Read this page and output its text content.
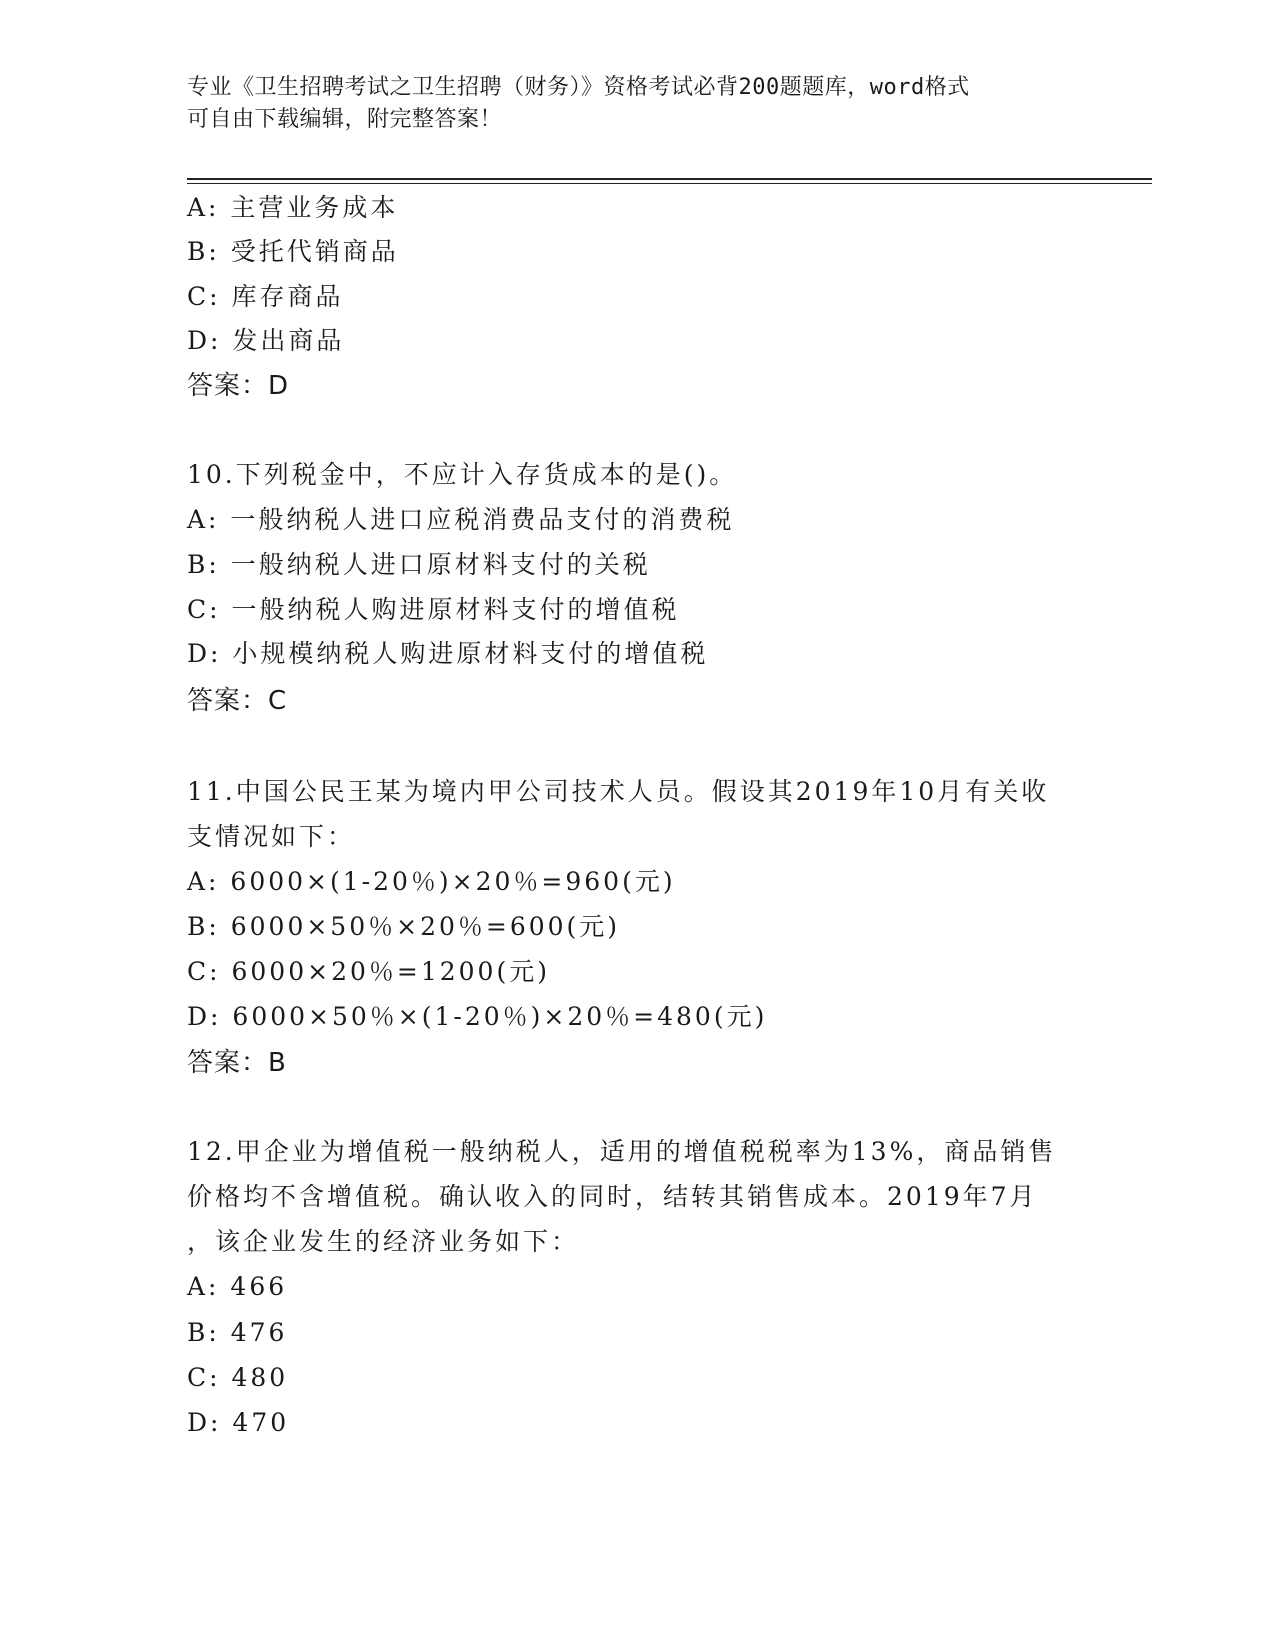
专业《卫生招聘考试之卫生招聘（财务）》资格考试必背200题题库，word格式
可自由下载编辑，附完整答案！
A: 主营业务成本
B: 受托代销商品
C: 库存商品
D: 发出商品
答案：D
10.下列税金中，不应计入存货成本的是()。
A: 一般纳税人进口应税消费品支付的消费税
B: 一般纳税人进口原材料支付的关税
C: 一般纳税人购进原材料支付的增值税
D: 小规模纳税人购进原材料支付的增值税
答案：C
11.中国公民王某为境内甲公司技术人员。假设其2019年10月有关收
支情况如下：
A: 6000×(1-20％)×20％=960(元)
B: 6000×50％×20％=600(元)
C: 6000×20％=1200(元)
D: 6000×50％×(1-20％)×20％=480(元)
答案：B
12.甲企业为增值税一般纳税人，适用的增值税税率为13%，商品销售
价格均不含增值税。确认收入的同时，结转其销售成本。2019年7月
，该企业发生的经济业务如下：
A: 466
B: 476
C: 480
D: 470
